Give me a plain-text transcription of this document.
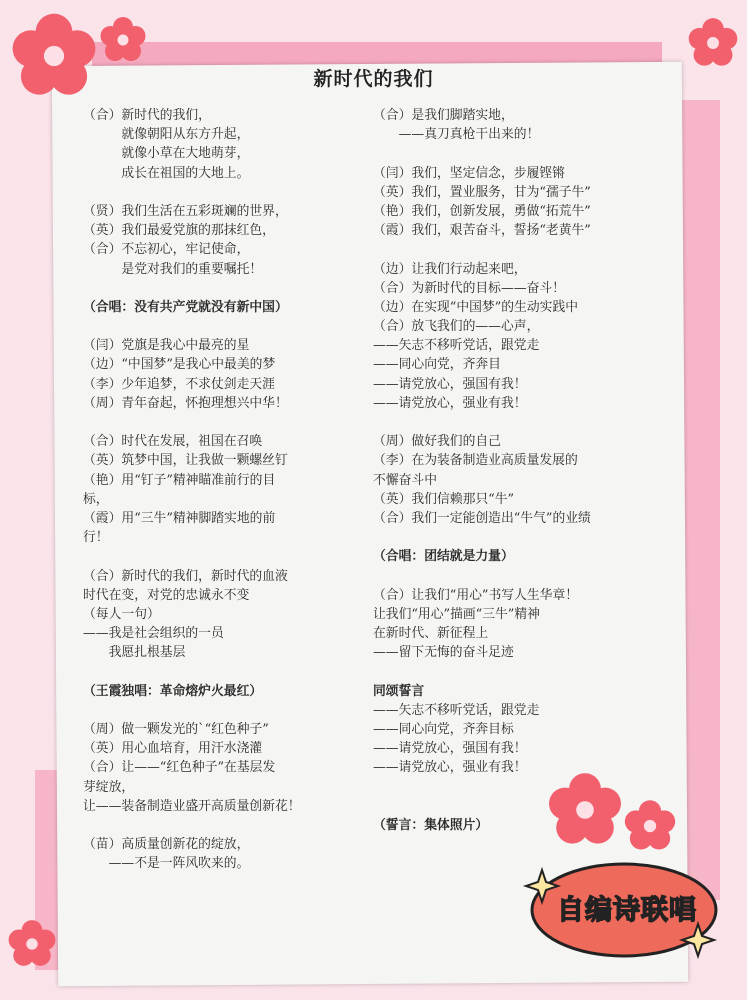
新时代的我们
（合）新时代的我们，
　　　就像朝阳从东方升起，
　　　就像小草在大地萌芽，
　　　成长在祖国的大地上。
（贤）我们生活在五彩斑斓的世界，
（英）我们最爱党旗的那抹红色，
（合）不忘初心，牢记使命，
　　　是党对我们的重要嘱托！
（合唱：没有共产党就没有新中国）
（闫）党旗是我心中最亮的星
（边）“中国梦”是我心中最美的梦
（李）少年追梦，不求仗剑走天涯
（周）青年奋起，怀抱理想兴中华！
（合）时代在发展，祖国在召唤
（英）筑梦中国，让我做一颗螺丝钉
（艳）用“钉子”精神瞄准前行的目
标，
（霞）用“三牛”精神脚踏实地的前
行！
（合）新时代的我们，新时代的血液
时代在变，对党的忠诚永不变
（每人一句）
——我是社会组织的一员
　　我愿扎根基层
（王霞独唱：革命熔炉火最红）
（周）做一颗发光的`“红色种子”
（英）用心血培育，用汗水浇灌
（合）让——“红色种子”在基层发
芽绽放，
让——装备制造业盛开高质量创新花！
（苗）高质量创新花的绽放，
　　——不是一阵风吹来的。
（合）是我们脚踏实地，
　　——真刀真枪干出来的！
（闫）我们，坚定信念，步履铿锵
（英）我们，置业服务，甘为“孺子牛”
（艳）我们，创新发展，勇做“拓荒牛”
（霞）我们，艰苦奋斗，誓扬“老黄牛”
（边）让我们行动起来吧，
（合）为新时代的目标——奋斗！
（边）在实现“中国梦”的生动实践中
（合）放飞我们的——心声，
——矢志不移听党话，跟党走
——同心向党，齐奔目
——请党放心，强国有我！
——请党放心，强业有我！
（周）做好我们的自己
（李）在为装备制造业高质量发展的
不懈奋斗中
（英）我们信赖那只“牛”
（合）我们一定能创造出“牛气”的业绩
（合唱：团结就是力量）
（合）让我们“用心”书写人生华章！
让我们“用心”描画“三牛”精神
在新时代、新征程上
——留下无悔的奋斗足迹
同颂誓言
——矢志不移听党话，跟党走
——同心向党，齐奔目标
——请党放心，强国有我！
——请党放心，强业有我！
（誓言：集体照片）
自编诗联唱
